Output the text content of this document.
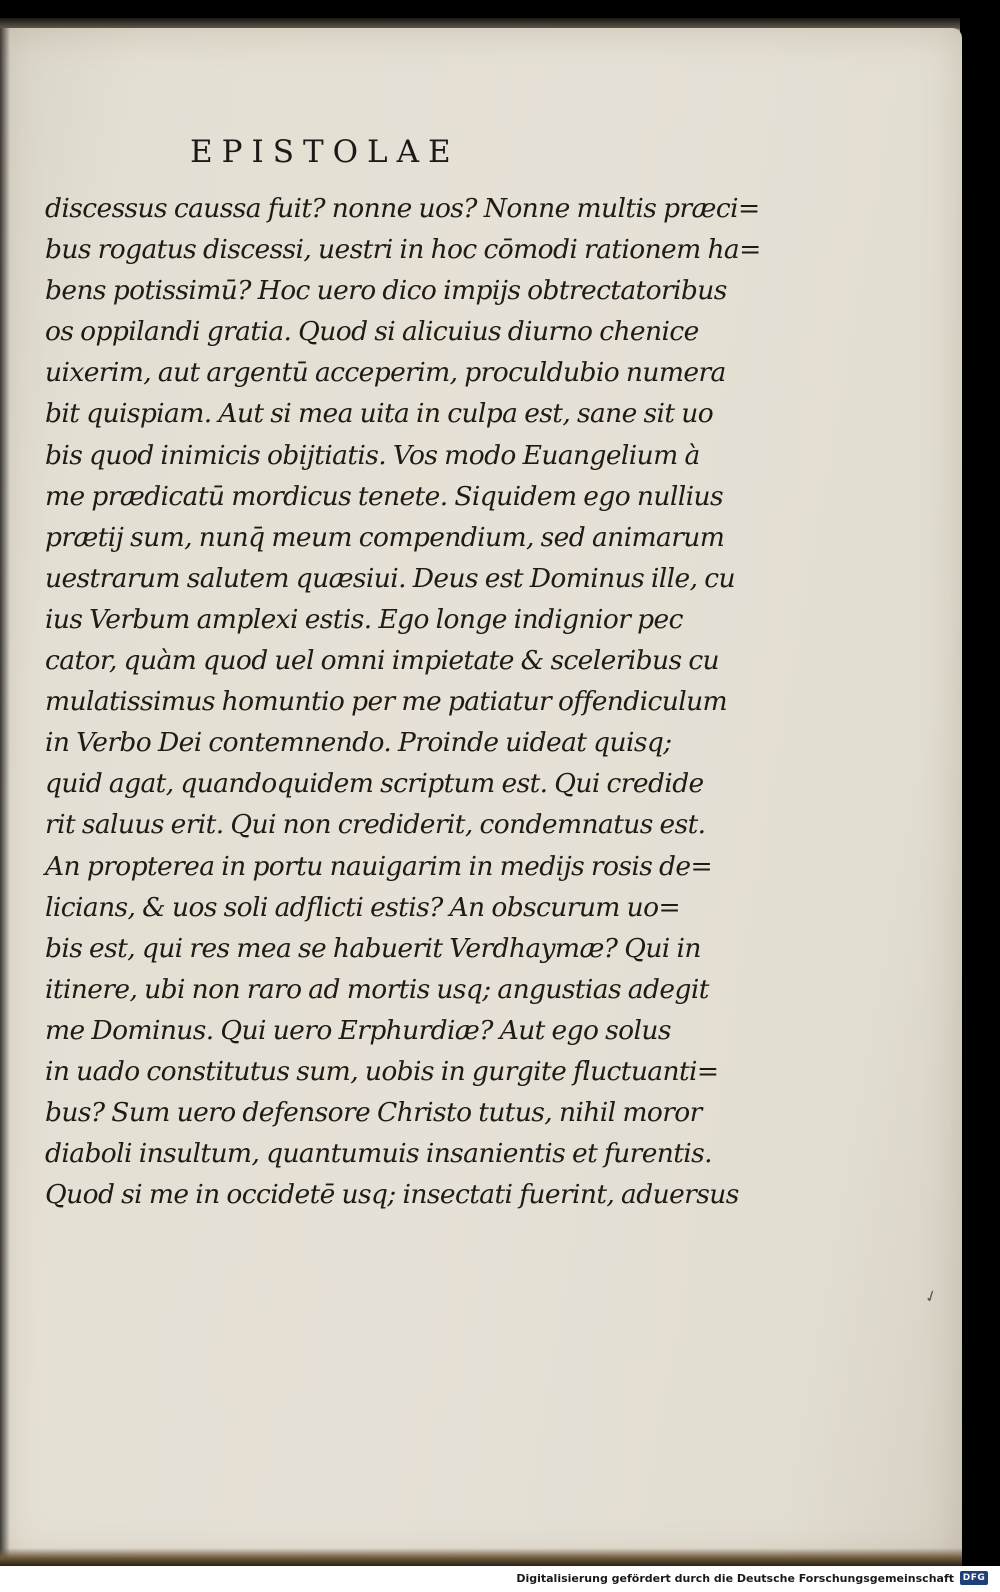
EPISTOLAE
discessus caussa fuit? nonne uos? Nonne multis præci=
bus rogatus discessi, uestri in hoc cōmodi rationem ha=
bens potissimū? Hoc uero dico impijs obtrectatoribus
os oppilandi gratia. Quod si alicuius diurno chenice
uixerim, aut argentū acceperim, proculdubio numera
bit quispiam. Aut si mea uita in culpa est, sane sit uo
bis quod inimicis obijtiatis. Vos modo Euangelium à
me prædicatū mordicus tenete. Siquidem ego nullius
prætij sum, nunq̄ meum compendium, sed animarum
uestrarum salutem quæsiui. Deus est Dominus ille, cu
ius Verbum amplexi estis. Ego longe indignior pec
cator, quàm quod uel omni impietate & sceleribus cu
mulatissimus homuntio per me patiatur offendiculum
in Verbo Dei contemnendo. Proinde uideat quisq;
quid agat, quandoquidem scriptum est. Qui credide
rit saluus erit. Qui non crediderit, condemnatus est.
An propterea in portu nauigarim in medijs rosis de=
licians, & uos soli adflicti estis? An obscurum uo=
bis est, qui res mea se habuerit Verdhaymæ? Qui in
itinere, ubi non raro ad mortis usq; angustias adegit
me Dominus. Qui uero Erphurdiæ? Aut ego solus
in uado constitutus sum, uobis in gurgite fluctuanti=
bus? Sum uero defensore Christo tutus, nihil moror
diaboli insultum, quantumuis insanientis et furentis.
Quod si me in occidetē usq; insectati fuerint, aduersus
✓
Digitalisierung gefördert durch die Deutsche Forschungsgemeinschaft DFG
